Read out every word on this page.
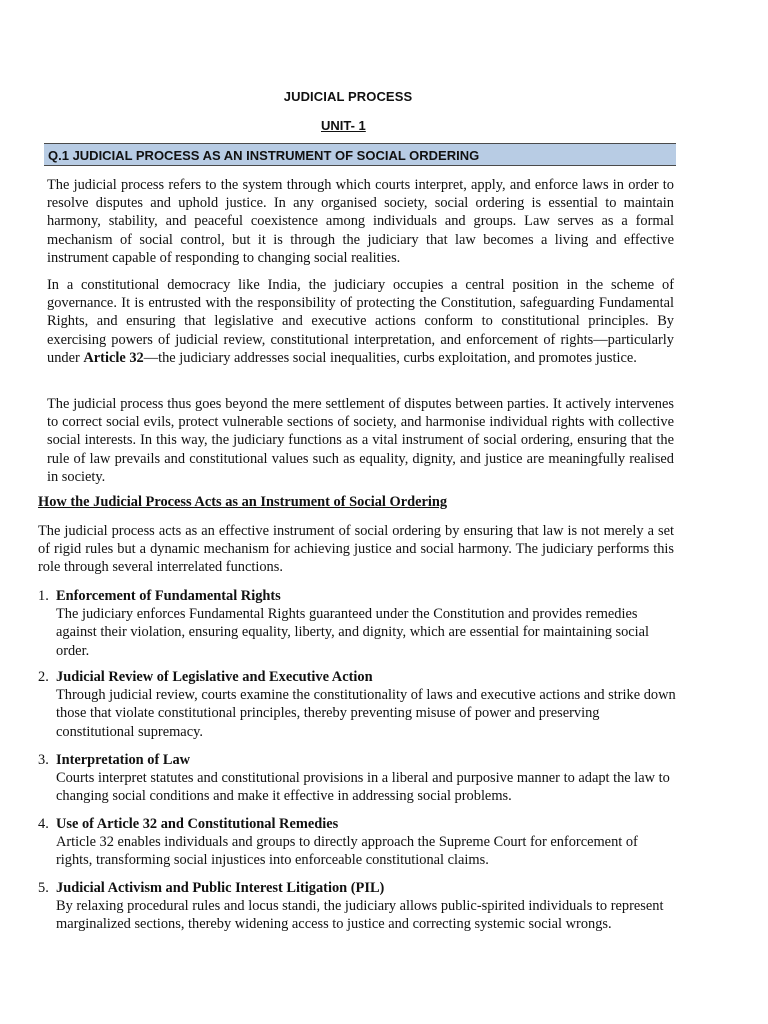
JUDICIAL PROCESS
UNIT- 1
Q.1 JUDICIAL PROCESS AS AN INSTRUMENT OF SOCIAL ORDERING
The judicial process refers to the system through which courts interpret, apply, and enforce laws in order to resolve disputes and uphold justice. In any organised society, social ordering is essential to maintain harmony, stability, and peaceful coexistence among individuals and groups. Law serves as a formal mechanism of social control, but it is through the judiciary that law becomes a living and effective instrument capable of responding to changing social realities.
In a constitutional democracy like India, the judiciary occupies a central position in the scheme of governance. It is entrusted with the responsibility of protecting the Constitution, safeguarding Fundamental Rights, and ensuring that legislative and executive actions conform to constitutional principles. By exercising powers of judicial review, constitutional interpretation, and enforcement of rights—particularly under Article 32—the judiciary addresses social inequalities, curbs exploitation, and promotes justice.
The judicial process thus goes beyond the mere settlement of disputes between parties. It actively intervenes to correct social evils, protect vulnerable sections of society, and harmonise individual rights with collective social interests. In this way, the judiciary functions as a vital instrument of social ordering, ensuring that the rule of law prevails and constitutional values such as equality, dignity, and justice are meaningfully realised in society.
How the Judicial Process Acts as an Instrument of Social Ordering
The judicial process acts as an effective instrument of social ordering by ensuring that law is not merely a set of rigid rules but a dynamic mechanism for achieving justice and social harmony. The judiciary performs this role through several interrelated functions.
1. Enforcement of Fundamental Rights
The judiciary enforces Fundamental Rights guaranteed under the Constitution and provides remedies against their violation, ensuring equality, liberty, and dignity, which are essential for maintaining social order.
2. Judicial Review of Legislative and Executive Action
Through judicial review, courts examine the constitutionality of laws and executive actions and strike down those that violate constitutional principles, thereby preventing misuse of power and preserving constitutional supremacy.
3. Interpretation of Law
Courts interpret statutes and constitutional provisions in a liberal and purposive manner to adapt the law to changing social conditions and make it effective in addressing social problems.
4. Use of Article 32 and Constitutional Remedies
Article 32 enables individuals and groups to directly approach the Supreme Court for enforcement of rights, transforming social injustices into enforceable constitutional claims.
5. Judicial Activism and Public Interest Litigation (PIL)
By relaxing procedural rules and locus standi, the judiciary allows public-spirited individuals to represent marginalized sections, thereby widening access to justice and correcting systemic social wrongs.
